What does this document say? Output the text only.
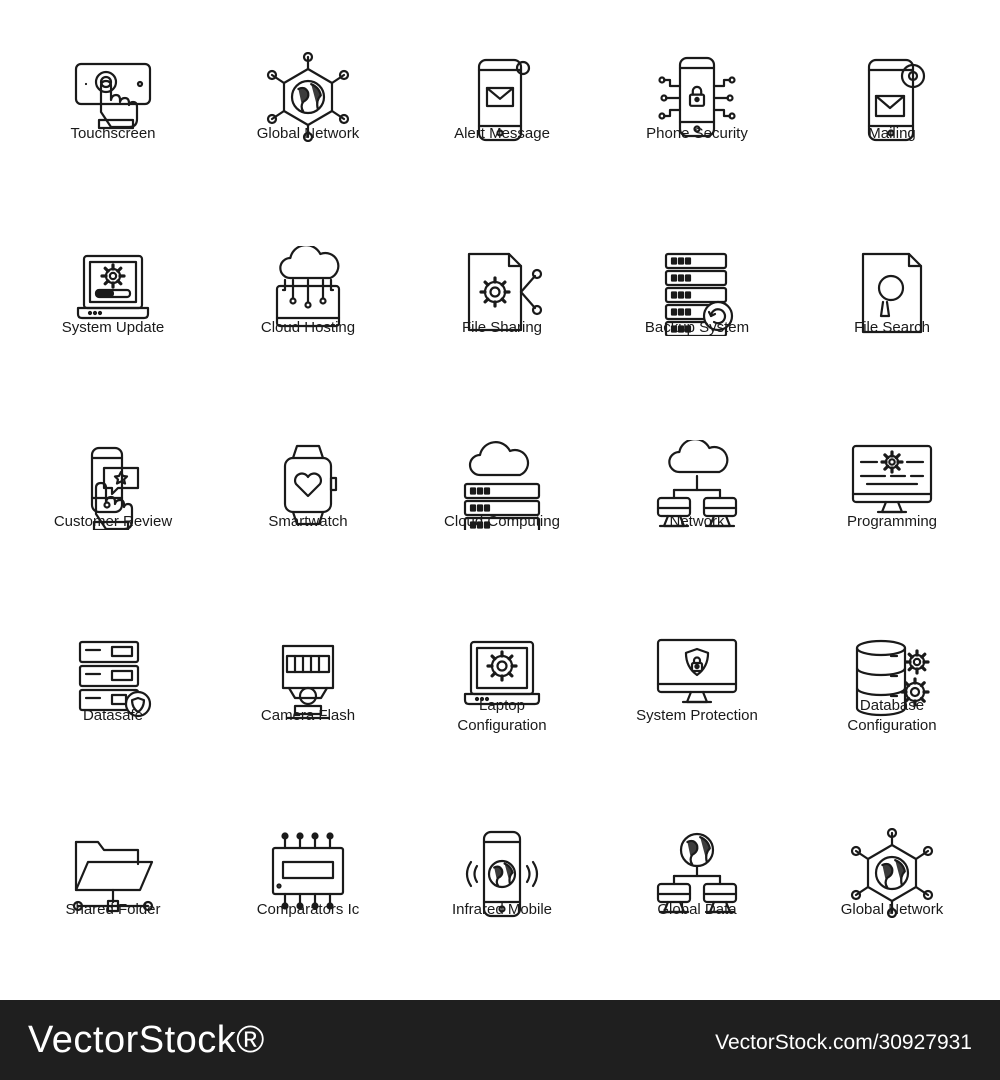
Touchscreen	Global Network	Alert Message	Phone Security	Mailing
System Update	Cloud Hosting	File Sharing	Backup System	File Search
Customer Review	Smartwatch	Cloud Computing	Network	Programming
Datasafe	Camera Flash
Laptop
Configuration
System Protection
Database
Configuration
Shared Folder	Comparators Ic	Infrared Mobile	Global Data	Global Network
VectorStock®	VectorStock.com/30927931
